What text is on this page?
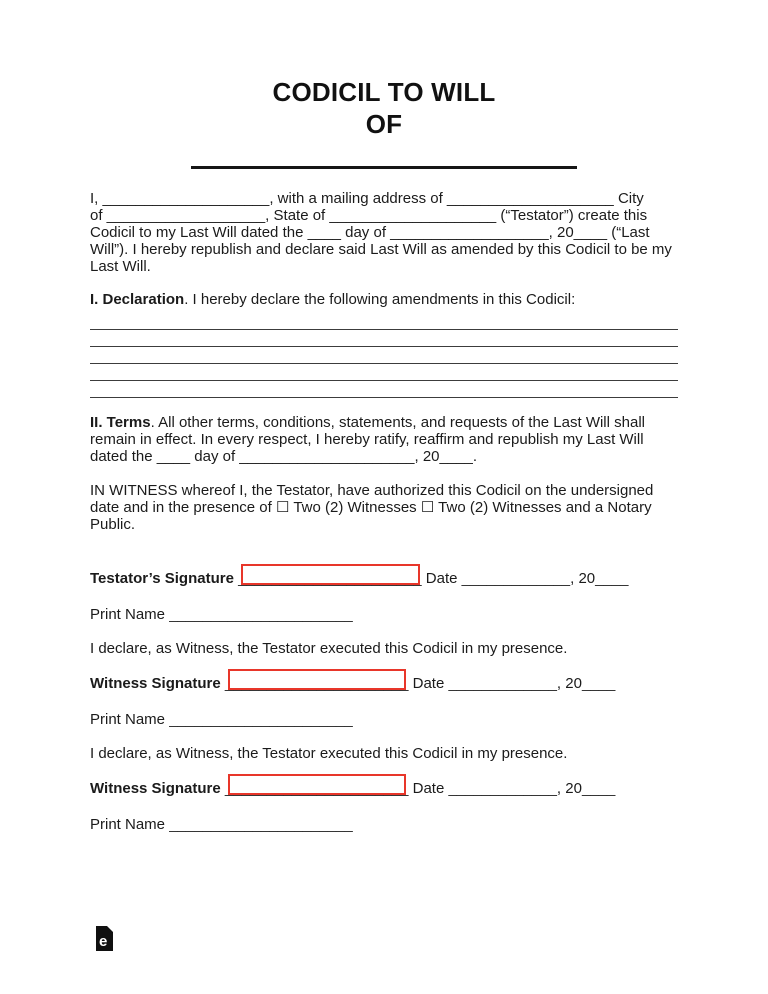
CODICIL TO WILL
OF

I, ____________________, with a mailing address of ____________________ City
of ___________________, State of ____________________ (“Testator”) create this
Codicil to my Last Will dated the ____ day of ___________________, 20____ (“Last
Will”). I hereby republish and declare said Last Will as amended by this Codicil to be my
Last Will.

I. Declaration. I hereby declare the following amendments in this Codicil:

II. Terms. All other terms, conditions, statements, and requests of the Last Will shall
remain in effect. In every respect, I hereby ratify, reaffirm and republish my Last Will
dated the ____ day of _____________________, 20____.

IN WITNESS whereof I, the Testator, have authorized this Codicil on the undersigned
date and in the presence of ☐ Two (2) Witnesses ☐ Two (2) Witnesses and a Notary
Public.

Testator’s Signature ______________________ Date _____________, 20____
Print Name ______________________
I declare, as Witness, the Testator executed this Codicil in my presence.
Witness Signature ______________________ Date _____________, 20____
Print Name ______________________
I declare, as Witness, the Testator executed this Codicil in my presence.
Witness Signature ______________________ Date _____________, 20____
Print Name ______________________
e
